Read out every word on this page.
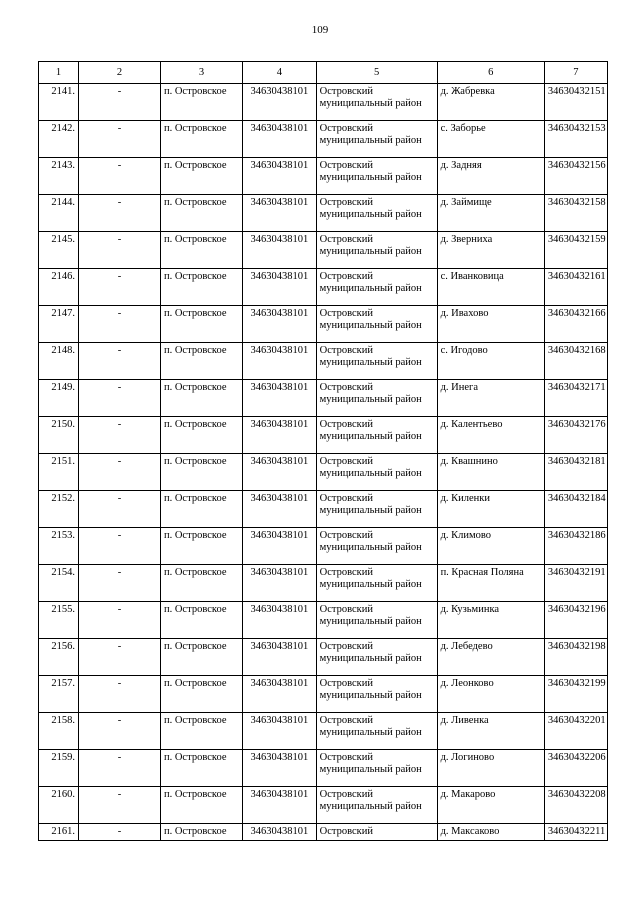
109
1	2	3	4	5	6	7
2141.	-	п. Островское	34630438101	Островский муниципальный район	д. Жабревка	34630432151
2142.	-	п. Островское	34630438101	Островский муниципальный район	с. Заборье	34630432153
2143.	-	п. Островское	34630438101	Островский муниципальный район	д. Задняя	34630432156
2144.	-	п. Островское	34630438101	Островский муниципальный район	д. Займище	34630432158
2145.	-	п. Островское	34630438101	Островский муниципальный район	д. Зверниха	34630432159
2146.	-	п. Островское	34630438101	Островский муниципальный район	с. Иванковица	34630432161
2147.	-	п. Островское	34630438101	Островский муниципальный район	д. Ивахово	34630432166
2148.	-	п. Островское	34630438101	Островский муниципальный район	с. Игодово	34630432168
2149.	-	п. Островское	34630438101	Островский муниципальный район	д. Инега	34630432171
2150.	-	п. Островское	34630438101	Островский муниципальный район	д. Калентьево	34630432176
2151.	-	п. Островское	34630438101	Островский муниципальный район	д. Квашнино	34630432181
2152.	-	п. Островское	34630438101	Островский муниципальный район	д. Киленки	34630432184
2153.	-	п. Островское	34630438101	Островский муниципальный район	д. Климово	34630432186
2154.	-	п. Островское	34630438101	Островский муниципальный район	п. Красная Поляна	34630432191
2155.	-	п. Островское	34630438101	Островский муниципальный район	д. Кузьминка	34630432196
2156.	-	п. Островское	34630438101	Островский муниципальный район	д. Лебедево	34630432198
2157.	-	п. Островское	34630438101	Островский муниципальный район	д. Леонково	34630432199
2158.	-	п. Островское	34630438101	Островский муниципальный район	д. Ливенка	34630432201
2159.	-	п. Островское	34630438101	Островский муниципальный район	д. Логиново	34630432206
2160.	-	п. Островское	34630438101	Островский муниципальный район	д. Макарово	34630432208
2161.	-	п. Островское	34630438101	Островский	д. Максаково	34630432211
